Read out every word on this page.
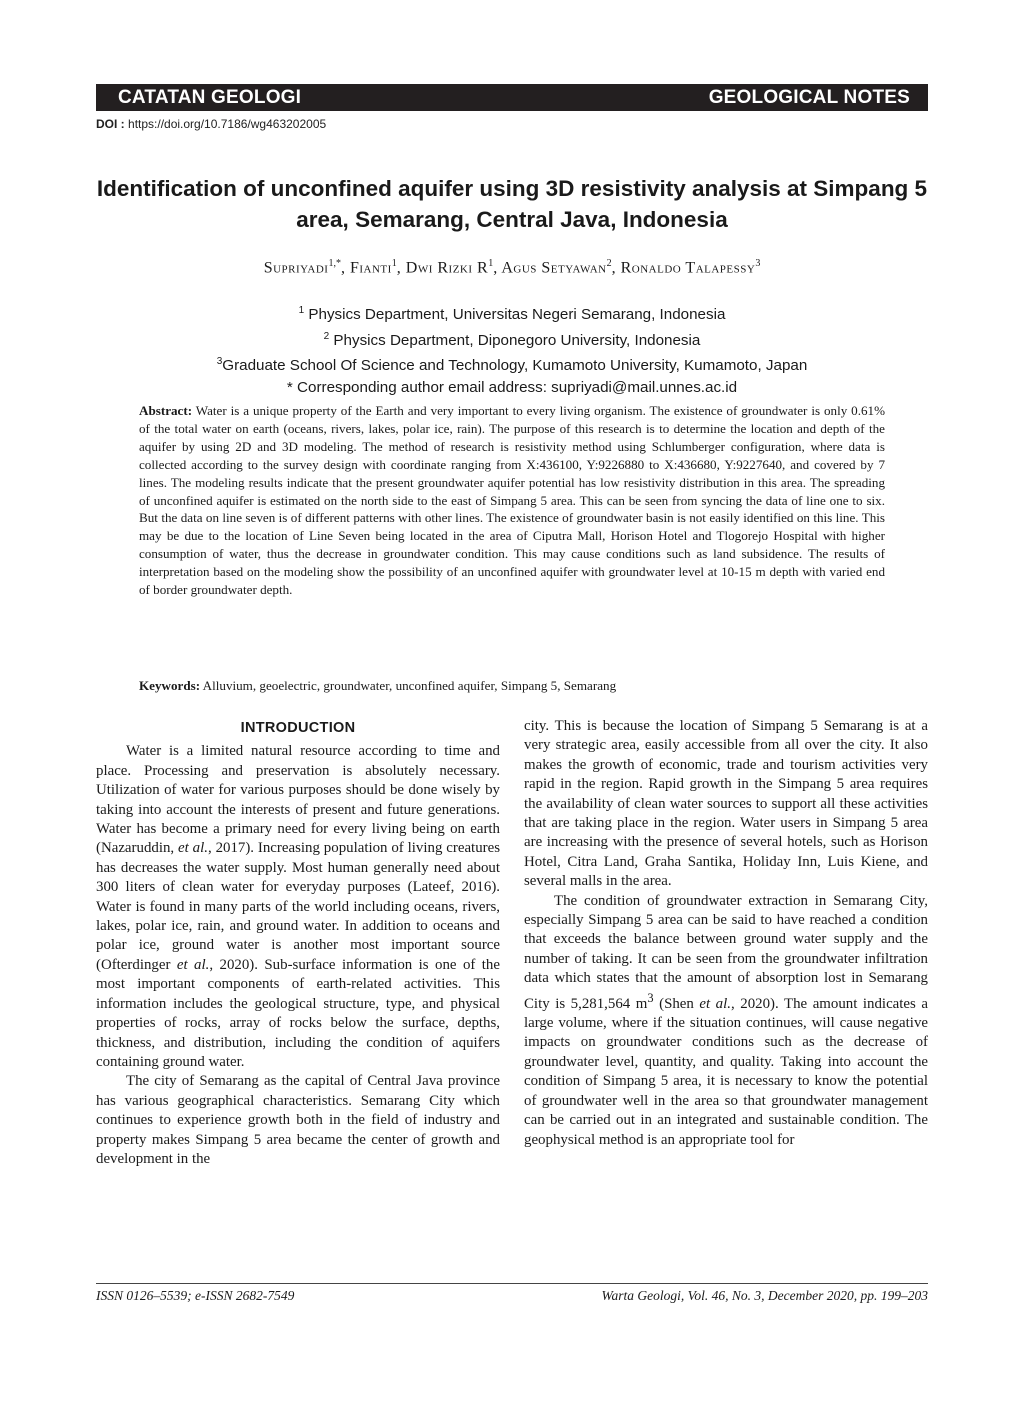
CATATAN GEOLOGI	GEOLOGICAL NOTES
DOI : https://doi.org/10.7186/wg463202005
Identification of unconfined aquifer using 3D resistivity analysis at Simpang 5 area, Semarang, Central Java, Indonesia
Supriyadi$^{1,*}$, Fianti$^1$, Dwi Rizki $R^1$, Agus Setyawan$^2$, Ronaldo Talapessy$^3$
$^1$ Physics Department, Universitas Negeri Semarang, Indonesia
$^2$ Physics Department, Diponegoro University, Indonesia
$^3$Graduate School Of Science and Technology, Kumamoto University, Kumamoto, Japan
* Corresponding author email address: supriyadi@mail.unnes.ac.id
Abstract: Water is a unique property of the Earth and very important to every living organism. The existence of groundwater is only 0.61% of the total water on earth (oceans, rivers, lakes, polar ice, rain). The purpose of this research is to determine the location and depth of the aquifer by using 2D and 3D modeling. The method of research is resistivity method using Schlumberger configuration, where data is collected according to the survey design with coordinate ranging from X:436100, Y:9226880 to X:436680, Y:9227640, and covered by 7 lines. The modeling results indicate that the present groundwater aquifer potential has low resistivity distribution in this area. The spreading of unconfined aquifer is estimated on the north side to the east of Simpang 5 area. This can be seen from syncing the data of line one to six. But the data on line seven is of different patterns with other lines. The existence of groundwater basin is not easily identified on this line. This may be due to the location of Line Seven being located in the area of Ciputra Mall, Horison Hotel and Tlogorejo Hospital with higher consumption of water, thus the decrease in groundwater condition. This may cause conditions such as land subsidence. The results of interpretation based on the modeling show the possibility of an unconfined aquifer with groundwater level at 10-15 m depth with varied end of border groundwater depth.
Keywords: Alluvium, geoelectric, groundwater, unconfined aquifer, Simpang 5, Semarang
INTRODUCTION

Water is a limited natural resource according to time and place. Processing and preservation is absolutely necessary. Utilization of water for various purposes should be done wisely by taking into account the interests of present and future generations. Water has become a primary need for every living being on earth (Nazaruddin, et al., 2017). Increasing population of living creatures has decreases the water supply. Most human generally need about 300 liters of clean water for everyday purposes (Lateef, 2016). Water is found in many parts of the world including oceans, rivers, lakes, polar ice, rain, and ground water. In addition to oceans and polar ice, ground water is another most important source (Ofterdinger et al., 2020). Sub-surface information is one of the most important components of earth-related activities. This information includes the geological structure, type, and physical properties of rocks, array of rocks below the surface, depths, thickness, and distribution, including the condition of aquifers containing ground water.

The city of Semarang as the capital of Central Java province has various geographical characteristics. Semarang City which continues to experience growth both in the field of industry and property makes Simpang 5 area became the center of growth and development in the

city. This is because the location of Simpang 5 Semarang is at a very strategic area, easily accessible from all over the city. It also makes the growth of economic, trade and tourism activities very rapid in the region. Rapid growth in the Simpang 5 area requires the availability of clean water sources to support all these activities that are taking place in the region. Water users in Simpang 5 area are increasing with the presence of several hotels, such as Horison Hotel, Citra Land, Graha Santika, Holiday Inn, Luis Kiene, and several malls in the area.

The condition of groundwater extraction in Semarang City, especially Simpang 5 area can be said to have reached a condition that exceeds the balance between ground water supply and the number of taking. It can be seen from the groundwater infiltration data which states that the amount of absorption lost in Semarang City is 5,281,564 $m^3$ (Shen et al., 2020). The amount indicates a large volume, where if the situation continues, will cause negative impacts on groundwater conditions such as the decrease of groundwater level, quantity, and quality. Taking into account the condition of Simpang 5 area, it is necessary to know the potential of groundwater well in the area so that groundwater management can be carried out in an integrated and sustainable condition. The geophysical method is an appropriate tool for

ISSN 0126–5539; e-ISSN 2682-7549	Warta Geologi, Vol. 46, No. 3, December 2020, pp. 199–203
